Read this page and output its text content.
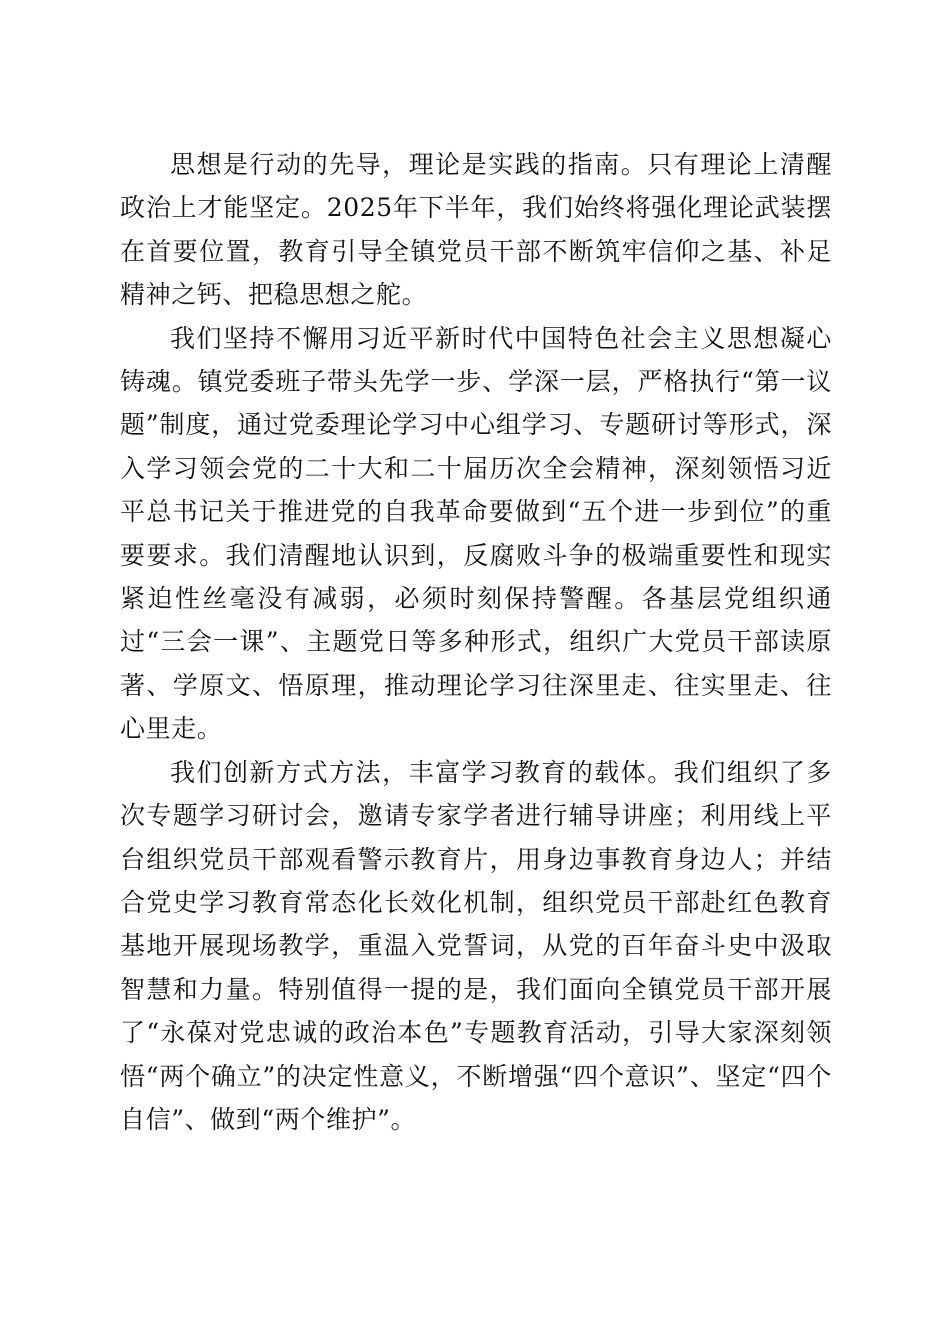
思想是行动的先导，理论是实践的指南。只有理论上清醒政治上才能坚定。2025年下半年，我们始终将强化理论武装摆在首要位置，教育引导全镇党员干部不断筑牢信仰之基、补足精神之钙、把稳思想之舵。

我们坚持不懈用习近平新时代中国特色社会主义思想凝心铸魂。镇党委班子带头先学一步、学深一层，严格执行“第一议题”制度，通过党委理论学习中心组学习、专题研讨等形式，深入学习领会党的二十大和二十届历次全会精神，深刻领悟习近平总书记关于推进党的自我革命要做到“五个进一步到位”的重要要求。我们清醒地认识到，反腐败斗争的极端重要性和现实紧迫性丝毫没有减弱，必须时刻保持警醒。各基层党组织通过“三会一课”、主题党日等多种形式，组织广大党员干部读原著、学原文、悟原理，推动理论学习往深里走、往实里走、往心里走。

我们创新方式方法，丰富学习教育的载体。我们组织了多次专题学习研讨会，邀请专家学者进行辅导讲座；利用线上平台组织党员干部观看警示教育片，用身边事教育身边人；并结合党史学习教育常态化长效化机制，组织党员干部赴红色教育基地开展现场教学，重温入党誓词，从党的百年奋斗史中汲取智慧和力量。特别值得一提的是，我们面向全镇党员干部开展了“永葆对党忠诚的政治本色”专题教育活动，引导大家深刻领悟“两个确立”的决定性意义，不断增强“四个意识”、坚定“四个自信”、做到“两个维护”。
